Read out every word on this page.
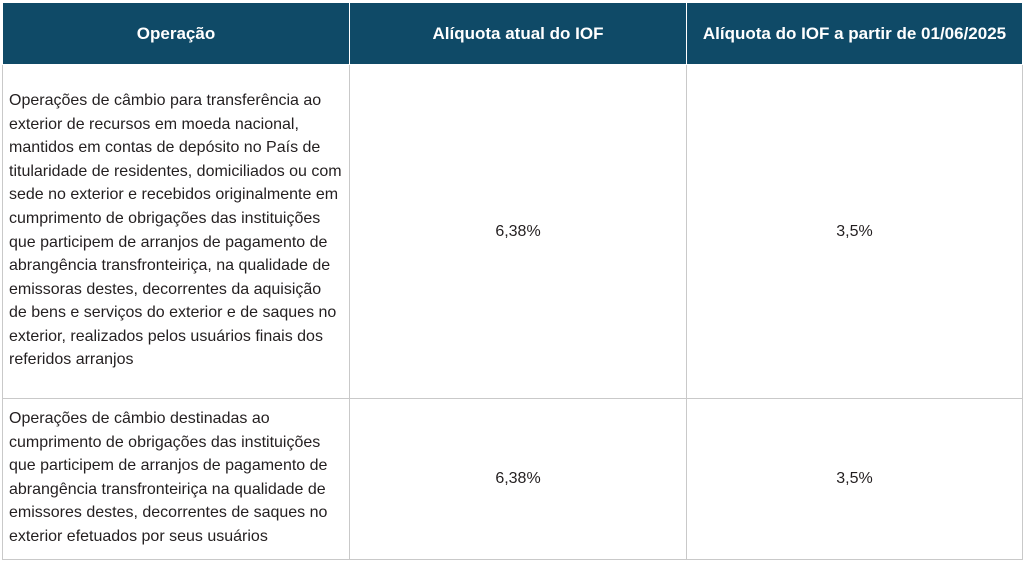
Operação	Alíquota atual do IOF	Alíquota do IOF a partir de 01/06/2025
Operações de câmbio para transferência ao exterior de recursos em moeda nacional, mantidos em contas de depósito no País de titularidade de residentes, domiciliados ou com sede no exterior e recebidos originalmente em cumprimento de obrigações das instituições que participem de arranjos de pagamento de abrangência transfronteiriça, na qualidade de emissoras destes, decorrentes da aquisição de bens e serviços do exterior e de saques no exterior, realizados pelos usuários finais dos referidos arranjos	6,38%	3,5%
Operações de câmbio destinadas ao cumprimento de obrigações das instituições que participem de arranjos de pagamento de abrangência transfronteiriça na qualidade de emissores destes, decorrentes de saques no exterior efetuados por seus usuários	6,38%	3,5%
